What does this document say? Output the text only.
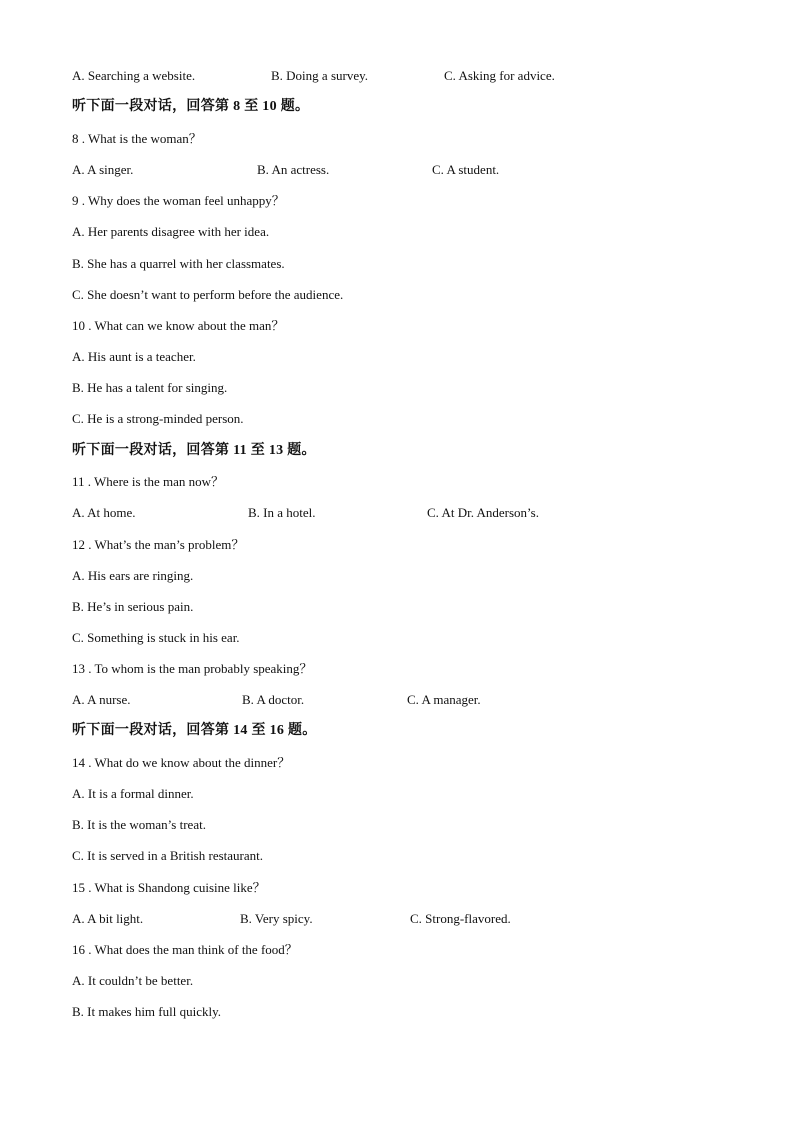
A. Searching a website.	B. Doing a survey.	C. Asking for advice.
听下面一段对话，回答第 8 至 10 题。
8 . What is the woman？
A. A singer.	B. An actress.	C. A student.
9 . Why does the woman feel unhappy？
A. Her parents disagree with her idea.
B. She has a quarrel with her classmates.
C. She doesn’t want to perform before the audience.
10 . What can we know about the man？
A. His aunt is a teacher.
B. He has a talent for singing.
C. He is a strong-minded person.
听下面一段对话，回答第 11 至 13 题。
11 . Where is the man now？
A. At home.	B. In a hotel.	C. At Dr. Anderson’s.
12 . What’s the man’s problem？
A. His ears are ringing.
B. He’s in serious pain.
C. Something is stuck in his ear.
13 . To whom is the man probably speaking？
A. A nurse.	B. A doctor.	C. A manager.
听下面一段对话，回答第 14 至 16 题。
14 . What do we know about the dinner？
A. It is a formal dinner.
B. It is the woman’s treat.
C. It is served in a British restaurant.
15 . What is Shandong cuisine like？
A. A bit light.	B. Very spicy.	C. Strong-flavored.
16 . What does the man think of the food？
A. It couldn’t be better.
B. It makes him full quickly.
